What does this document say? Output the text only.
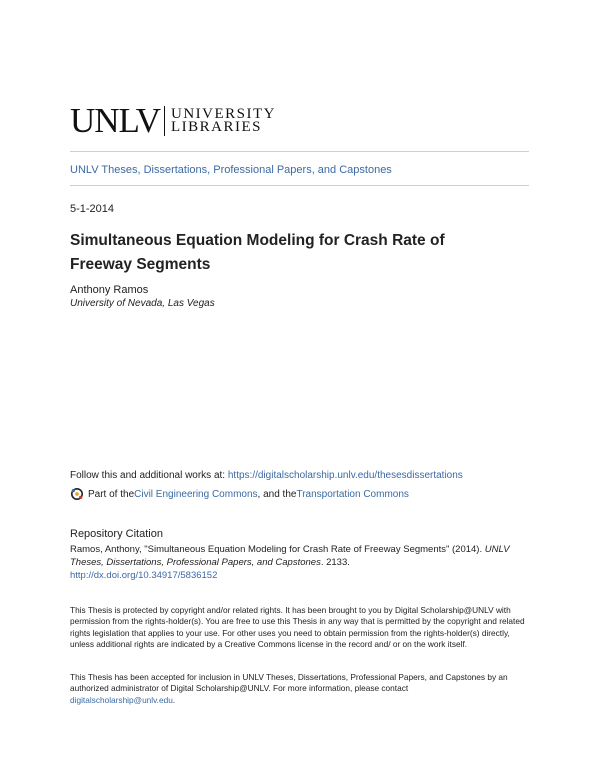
UNLV UNIVERSITY
LIBRARIES
UNLV Theses, Dissertations, Professional Papers, and Capstones
5-1-2014
Simultaneous Equation Modeling for Crash Rate of Freeway Segments
Anthony Ramos
University of Nevada, Las Vegas
Follow this and additional works at: https://digitalscholarship.unlv.edu/thesesdissertations
Part of the Civil Engineering Commons , and the Transportation Commons
Repository Citation
Ramos, Anthony, "Simultaneous Equation Modeling for Crash Rate of Freeway Segments" (2014). UNLV Theses, Dissertations, Professional Papers, and Capstones. 2133.
http://dx.doi.org/10.34917/5836152
This Thesis is protected by copyright and/or related rights. It has been brought to you by Digital Scholarship@UNLV with permission from the rights-holder(s). You are free to use this Thesis in any way that is permitted by the copyright and related rights legislation that applies to your use. For other uses you need to obtain permission from the rights-holder(s) directly, unless additional rights are indicated by a Creative Commons license in the record and/ or on the work itself.
This Thesis has been accepted for inclusion in UNLV Theses, Dissertations, Professional Papers, and Capstones by an authorized administrator of Digital Scholarship@UNLV. For more information, please contact
digitalscholarship@unlv.edu.
